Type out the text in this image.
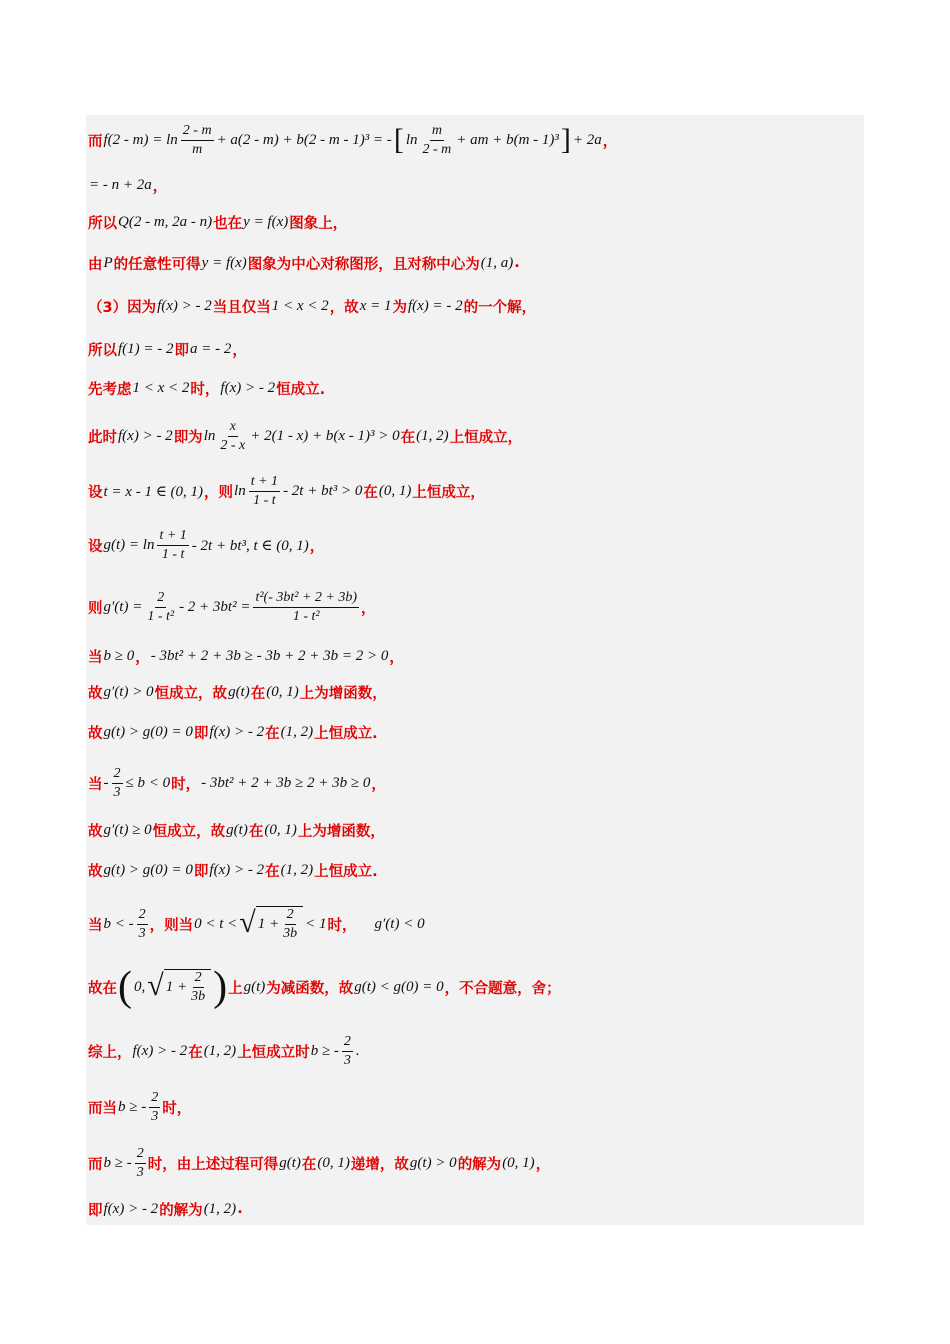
而 $f(2 - m) = \ln \frac{2 - m}{m} + a(2 - m) + b(2 - m - 1)^3$ = - [ $\ln \frac{m}{2 - m}$ + am + b(m - 1)³ ] + 2a ，
= - n + 2a ，
所以 Q(2 - m, 2a - n) 也在 y = f(x) 图象上，
由 P 的任意性可得 y = f(x) 图象为中心对称图形，且对称中心为 (1, a) .
（3）因为 f(x) > - 2 当且仅当 1 < x < 2 ，故 x = 1 为 f(x) = - 2 的一个解，
所以 f(1) = - 2 即 a = - 2 ，
先考虑 1 < x < 2 时， f(x) > - 2 恒成立.
此时 f(x) > - 2 即为 $\ln \frac{x}{2 - x} + 2(1 - x) + b(x - 1)^3 > 0$ 在 (1, 2) 上恒成立，
设 t = x - 1 ∈ (0, 1) ，则 $\ln \frac{t + 1}{1 - t} - 2t + bt^3 > 0$ 在 (0, 1) 上恒成立，
设 $g(t) = \ln \frac{t + 1}{1 - t} - 2t + bt^3$, t ∈ (0, 1) ，
则 $g'(t) = \frac{2}{\text{1 - t²}} - 2 + 3bt^2 = \frac{\text{t²(- 3bt² + 2 + 3b)}}{\text{1 - t²}}$ ，
当 b ≥ 0 ， - 3bt² + 2 + 3b ≥ - 3b + 2 + 3b = 2 > 0 ，
故 g′(t) > 0 恒成立，故 g(t) 在 (0, 1) 上为增函数，
故 g(t) > g(0) = 0 即 f(x) > - 2 在 (1, 2) 上恒成立.
当 - $\frac{2}{3} \le b < 0$ 时， - 3bt² + 2 + 3b ≥ 2 + 3b ≥ 0 ，
故 g′(t) ≥ 0 恒成立，故 g(t) 在 (0, 1) 上为增函数，
故 g(t) > g(0) = 0 即 f(x) > - 2 在 (1, 2) 上恒成立.
当 b < - $\frac{2}{3}$ ，则当 0 < t < √ $1 + \frac{2}{3b} < 1$ 时， g′(t) < 0
故在 ( 0, √ $1 + \frac{2}{3b}$ ) 上 g(t) 为减函数，故 g(t) < g(0) = 0 ，不合题意，舍；
综上， f(x) > - 2 在 (1, 2) 上恒成立时 b ≥ - $\frac{2}{3}$ .
而当 b ≥ - $\frac{2}{3}$ 时，
而 b ≥ - $\frac{2}{3}$ 时，由上述过程可得 g(t) 在 (0, 1) 递增，故 g(t) > 0 的解为 (0, 1) ，
即 f(x) > - 2 的解为 (1, 2) .
